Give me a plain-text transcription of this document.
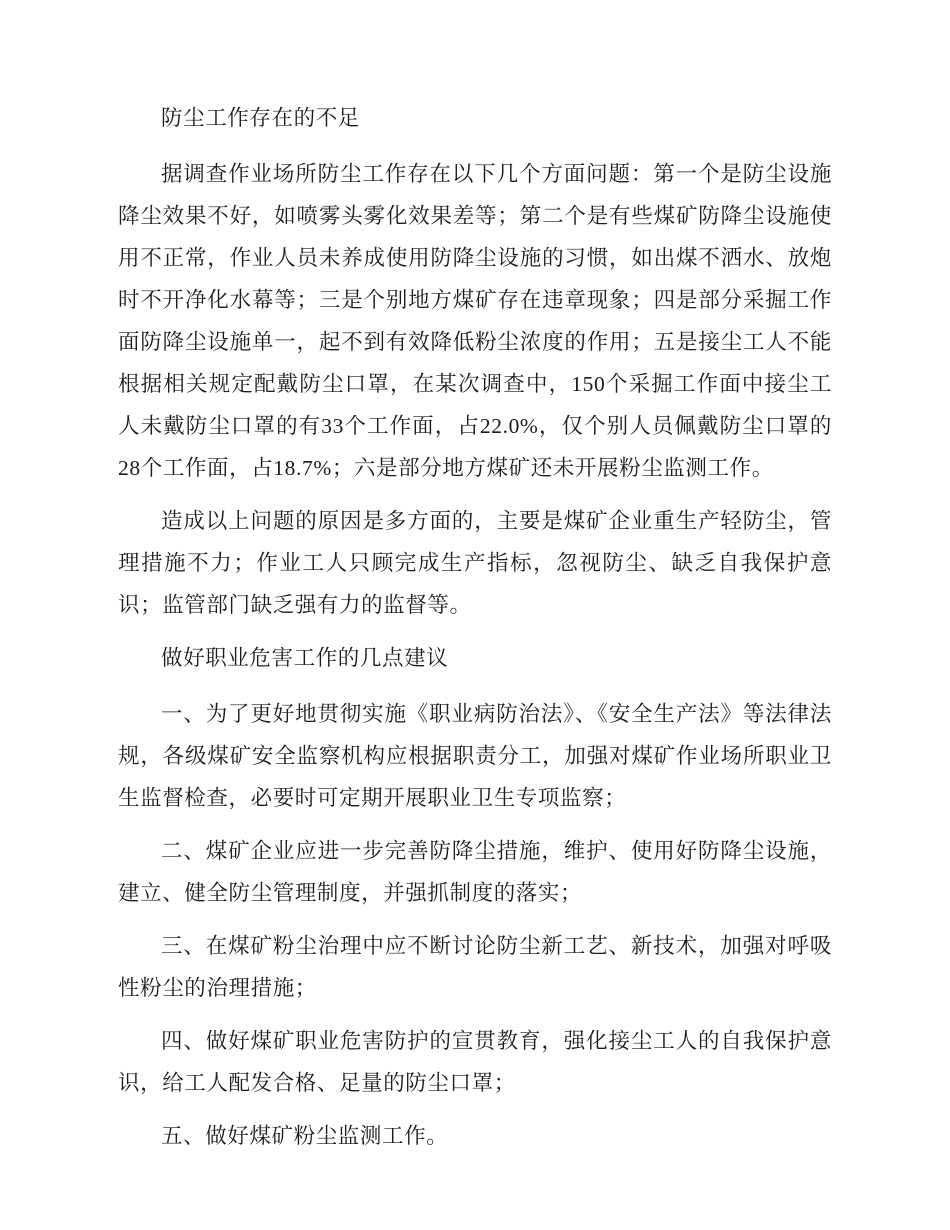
防尘工作存在的不足

据调查作业场所防尘工作存在以下几个方面问题：第一个是防尘设施降尘效果不好，如喷雾头雾化效果差等；第二个是有些煤矿防降尘设施使用不正常，作业人员未养成使用防降尘设施的习惯，如出煤不洒水、放炮时不开净化水幕等；三是个别地方煤矿存在违章现象；四是部分采掘工作面防降尘设施单一，起不到有效降低粉尘浓度的作用；五是接尘工人不能根据相关规定配戴防尘口罩，在某次调查中，150个采掘工作面中接尘工人未戴防尘口罩的有33个工作面，占22.0%，仅个别人员佩戴防尘口罩的28个工作面，占18.7%；六是部分地方煤矿还未开展粉尘监测工作。

造成以上问题的原因是多方面的，主要是煤矿企业重生产轻防尘，管理措施不力；作业工人只顾完成生产指标，忽视防尘、缺乏自我保护意识；监管部门缺乏强有力的监督等。

做好职业危害工作的几点建议

一、为了更好地贯彻实施《职业病防治法》、《安全生产法》等法律法规，各级煤矿安全监察机构应根据职责分工，加强对煤矿作业场所职业卫生监督检查，必要时可定期开展职业卫生专项监察；

二、煤矿企业应进一步完善防降尘措施，维护、使用好防降尘设施，建立、健全防尘管理制度，并强抓制度的落实；

三、在煤矿粉尘治理中应不断讨论防尘新工艺、新技术，加强对呼吸性粉尘的治理措施；

四、做好煤矿职业危害防护的宣贯教育，强化接尘工人的自我保护意识，给工人配发合格、足量的防尘口罩；

五、做好煤矿粉尘监测工作。
